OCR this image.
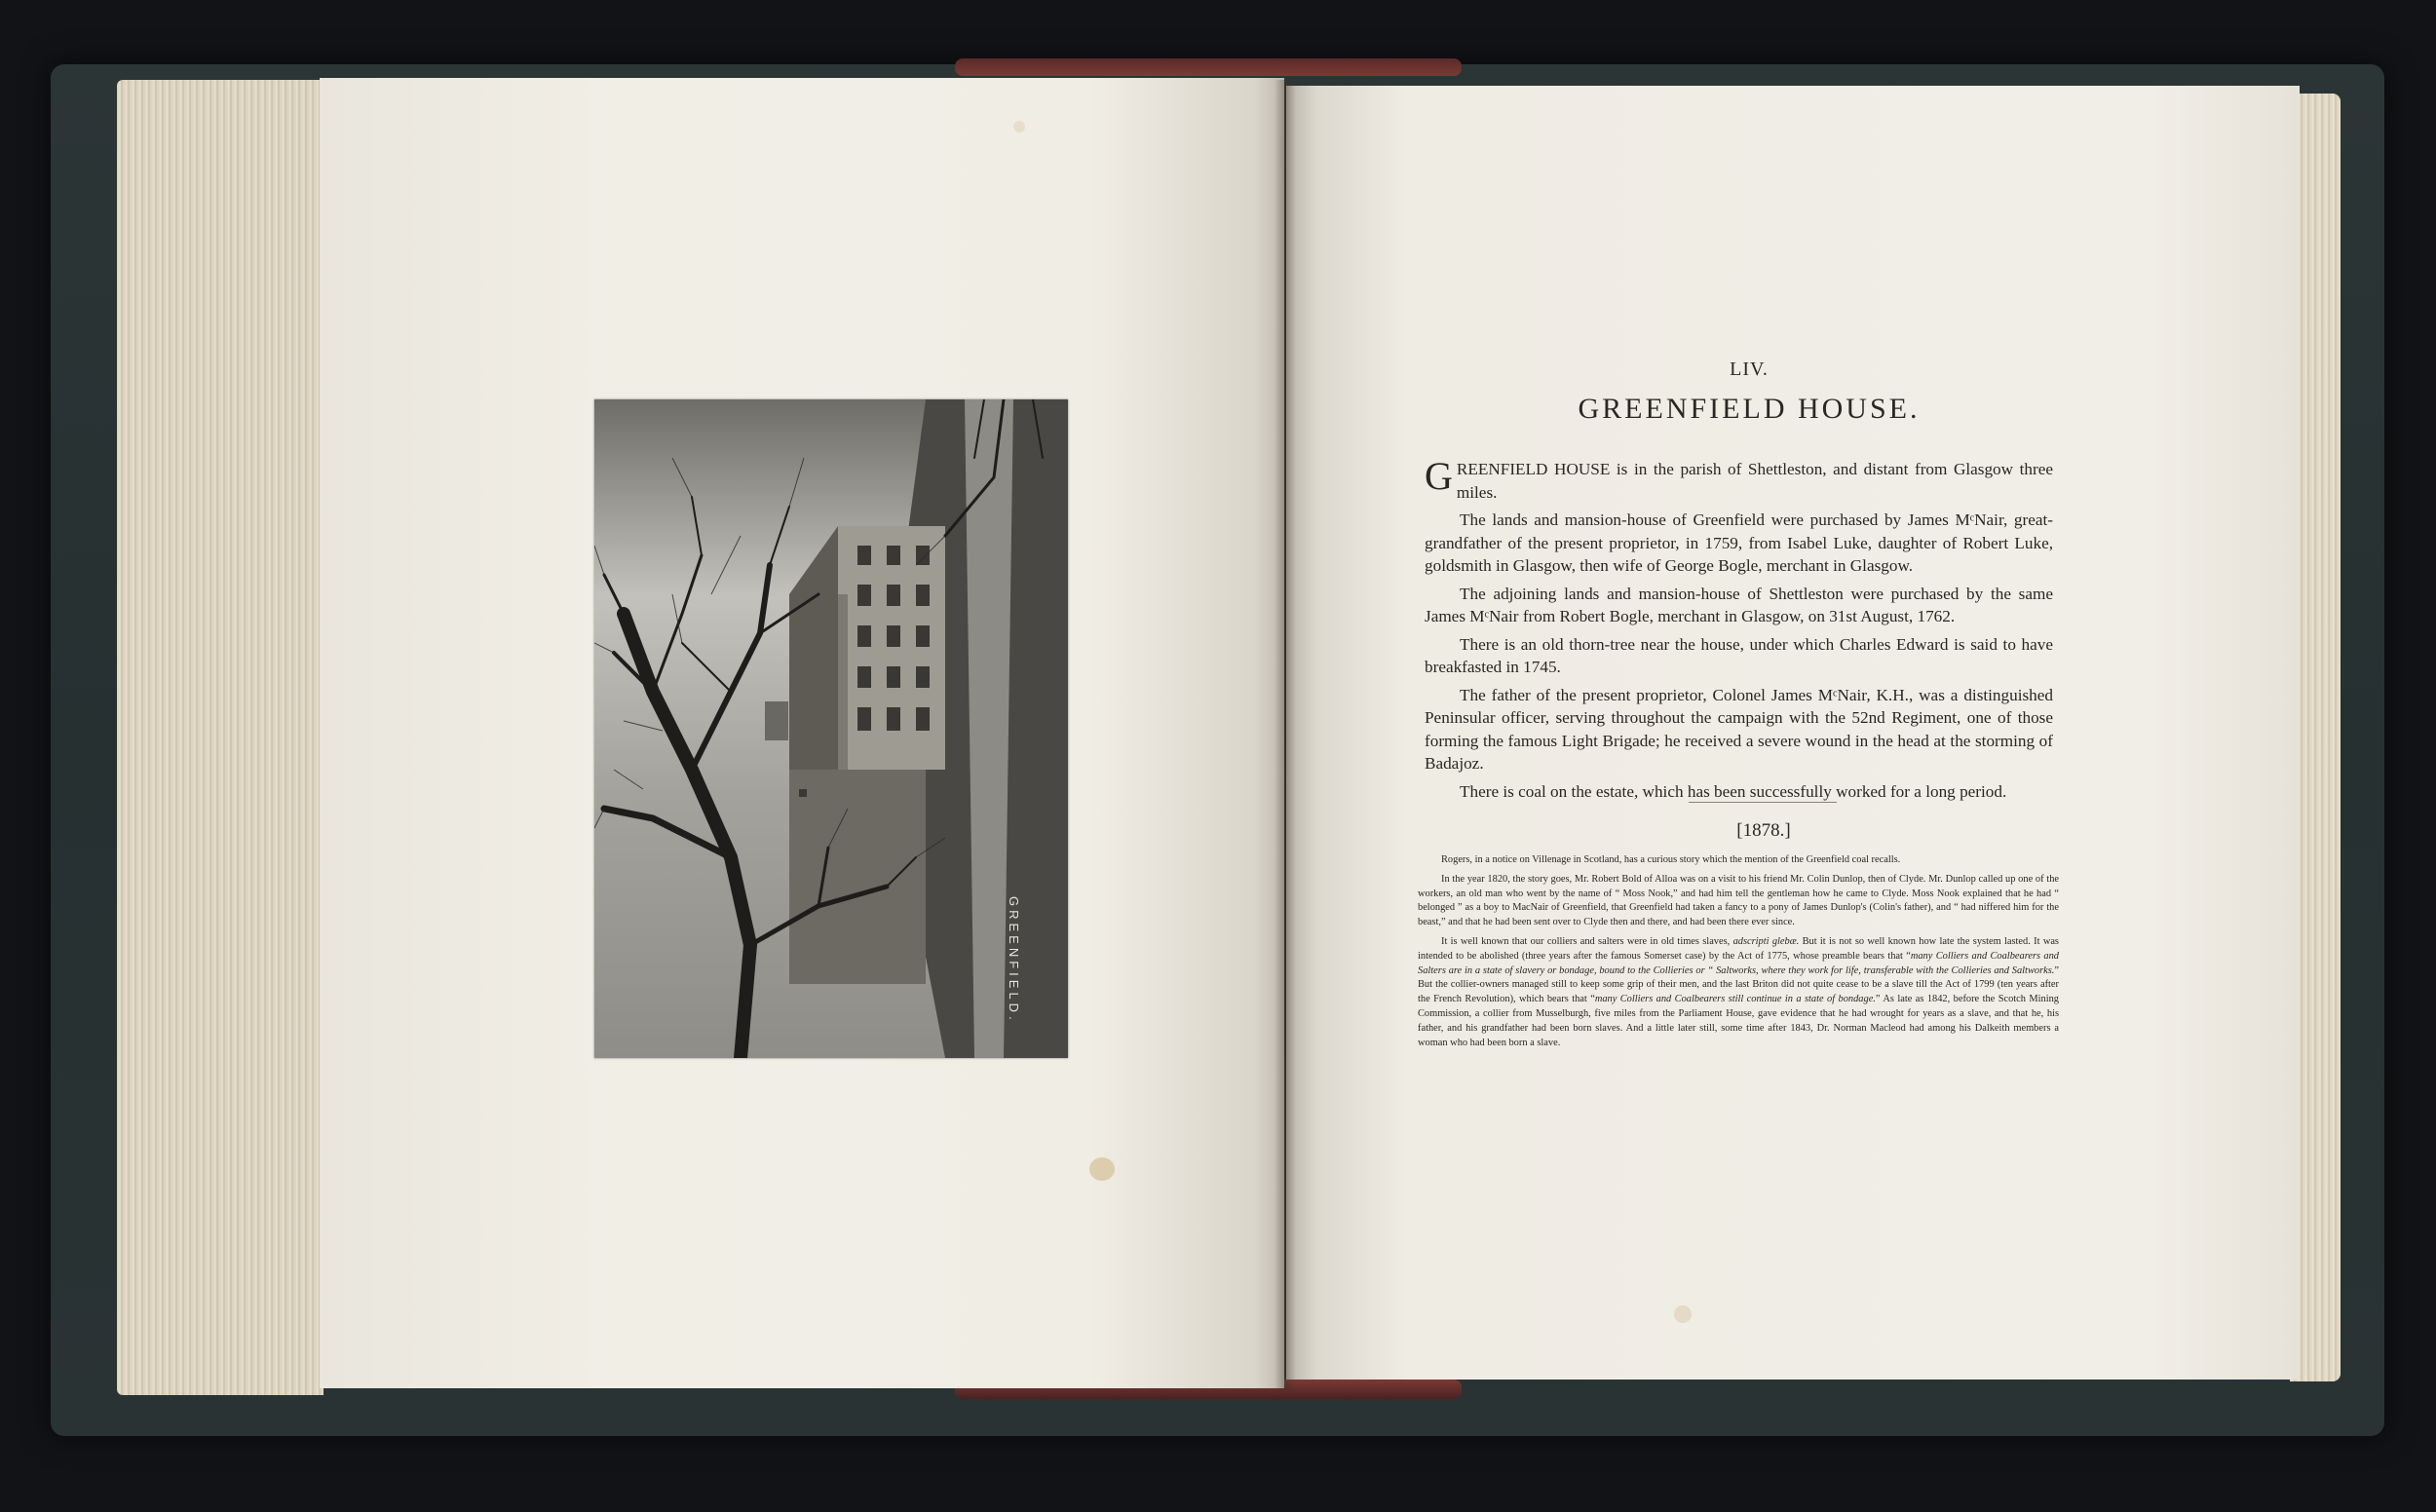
GREENFIELD.
LIV.
GREENFIELD HOUSE.

GREENFIELD HOUSE is in the parish of Shettleston, and distant from Glasgow three miles.

The lands and mansion-house of Greenfield were purchased by James MᶜNair, great-grandfather of the present proprietor, in 1759, from Isabel Luke, daughter of Robert Luke, goldsmith in Glasgow, then wife of George Bogle, merchant in Glasgow.

The adjoining lands and mansion-house of Shettleston were purchased by the same James MᶜNair from Robert Bogle, merchant in Glasgow, on 31st August, 1762.

There is an old thorn-tree near the house, under which Charles Edward is said to have breakfasted in 1745.

The father of the present proprietor, Colonel James MᶜNair, K.H., was a distinguished Peninsular officer, serving throughout the campaign with the 52nd Regiment, one of those forming the famous Light Brigade; he received a severe wound in the head at the storming of Badajoz.

There is coal on the estate, which has been successfully worked for a long period.

[1878.]

Rogers, in a notice on Villenage in Scotland, has a curious story which the mention of the Greenfield coal recalls.

In the year 1820, the story goes, Mr. Robert Bold of Alloa was on a visit to his friend Mr. Colin Dunlop, then of Clyde. Mr. Dunlop called up one of the workers, an old man who went by the name of “ Moss Nook,” and had him tell the gentleman how he came to Clyde. Moss Nook explained that he had “ belonged ” as a boy to MacNair of Greenfield, that Greenfield had taken a fancy to a pony of James Dunlop's (Colin's father), and “ had niffered him for the beast,” and that he had been sent over to Clyde then and there, and had been there ever since.

It is well known that our colliers and salters were in old times slaves, adscripti glebæ. But it is not so well known how late the system lasted. It was intended to be abolished (three years after the famous Somerset case) by the Act of 1775, whose preamble bears that “many Colliers and Coalbearers and Salters are in a state of slavery or bondage, bound to the Collieries or “ Saltworks, where they work for life, transferable with the Collieries and Saltworks.” But the collier-owners managed still to keep some grip of their men, and the last Briton did not quite cease to be a slave till the Act of 1799 (ten years after the French Revolution), which bears that “many Colliers and Coalbearers still continue in a state of bondage.” As late as 1842, before the Scotch Mining Commission, a collier from Musselburgh, five miles from the Parliament House, gave evidence that he had wrought for years as a slave, and that he, his father, and his grandfather had been born slaves. And a little later still, some time after 1843, Dr. Norman Macleod had among his Dalkeith members a woman who had been born a slave.
